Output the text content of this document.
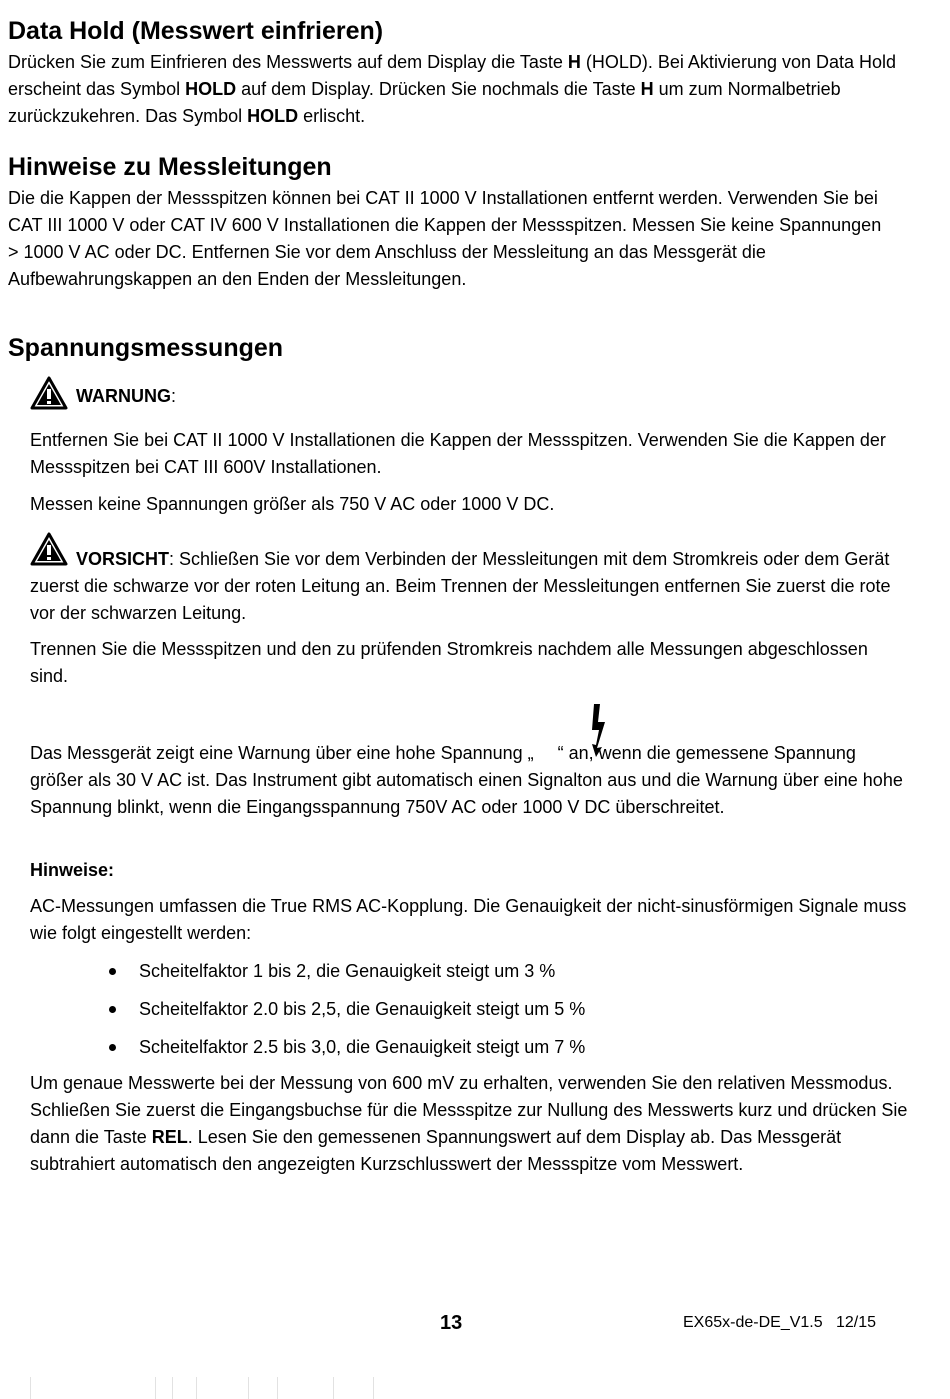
Data Hold (Messwert einfrieren)

Drücken Sie zum Einfrieren des Messwerts auf dem Display die Taste H (HOLD). Bei Aktivierung von Data Hold erscheint das Symbol HOLD auf dem Display. Drücken Sie nochmals die Taste H um zum Normalbetrieb zurückzukehren. Das Symbol HOLD erlischt.

Hinweise zu Messleitungen

Die die Kappen der Messspitzen können bei CAT II 1000 V Installationen entfernt werden. Verwenden Sie bei CAT III 1000 V oder CAT IV 600 V Installationen die Kappen der Messspitzen. Messen Sie keine Spannungen > 1000 V AC oder DC. Entfernen Sie vor dem Anschluss der Messleitung an das Messgerät die Aufbewahrungskappen an den Enden der Messleitungen.

Spannungsmessungen
WARNUNG:

Entfernen Sie bei CAT II 1000 V Installationen die Kappen der Messspitzen. Verwenden Sie die Kappen der Messspitzen bei CAT III 600V Installationen.

Messen keine Spannungen größer als 750 V AC oder 1000 V DC.

VORSICHT: Schließen Sie vor dem Verbinden der Messleitungen mit dem Stromkreis oder dem Gerät zuerst die schwarze vor der roten Leitung an. Beim Trennen der Messleitungen entfernen Sie zuerst die rote vor der schwarzen Leitung.

Trennen Sie die Messspitzen und den zu prüfenden Stromkreis nachdem alle Messungen abgeschlossen sind.

Das Messgerät zeigt eine Warnung über eine hohe Spannung „ “ an, wenn die gemessene Spannung größer als 30 V AC ist. Das Instrument gibt automatisch einen Signalton aus und die Warnung über eine hohe Spannung blinkt, wenn die Eingangsspannung 750V AC oder 1000 V DC überschreitet.

Hinweise:

AC-Messungen umfassen die True RMS AC-Kopplung. Die Genauigkeit der nicht-sinusförmigen Signale muss wie folgt eingestellt werden:

Scheitelfaktor 1 bis 2, die Genauigkeit steigt um 3 %
Scheitelfaktor 2.0 bis 2,5, die Genauigkeit steigt um 5 %
Scheitelfaktor 2.5 bis 3,0, die Genauigkeit steigt um 7 %

Um genaue Messwerte bei der Messung von 600 mV zu erhalten, verwenden Sie den relativen Messmodus. Schließen Sie zuerst die Eingangsbuchse für die Messspitze zur Nullung des Messwerts kurz und drücken Sie dann die Taste REL. Lesen Sie den gemessenen Spannungswert auf dem Display ab. Das Messgerät subtrahiert automatisch den angezeigten Kurzschlusswert der Messspitze vom Messwert.

13	EX65x-de-DE_V1.5   12/15
